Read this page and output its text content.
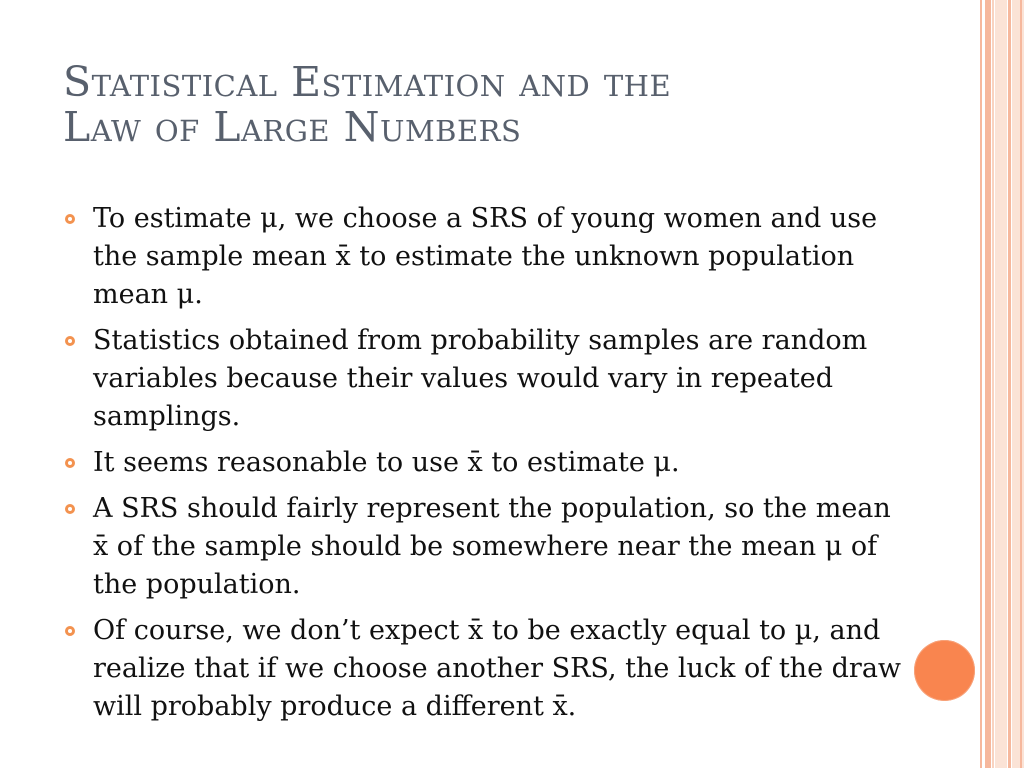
Statistical Estimation and the
Law of Large Numbers
To estimate μ, we choose a SRS of young women and use the sample mean x̄ to estimate the unknown population mean μ.
Statistics obtained from probability samples are random variables because their values would vary in repeated samplings.
It seems reasonable to use x̄ to estimate μ.
A SRS should fairly represent the population, so the mean x̄ of the sample should be somewhere near the mean μ of the population.
Of course, we don’t expect x̄ to be exactly equal to µ, and realize that if we choose another SRS, the luck of the draw will probably produce a different x̄.
